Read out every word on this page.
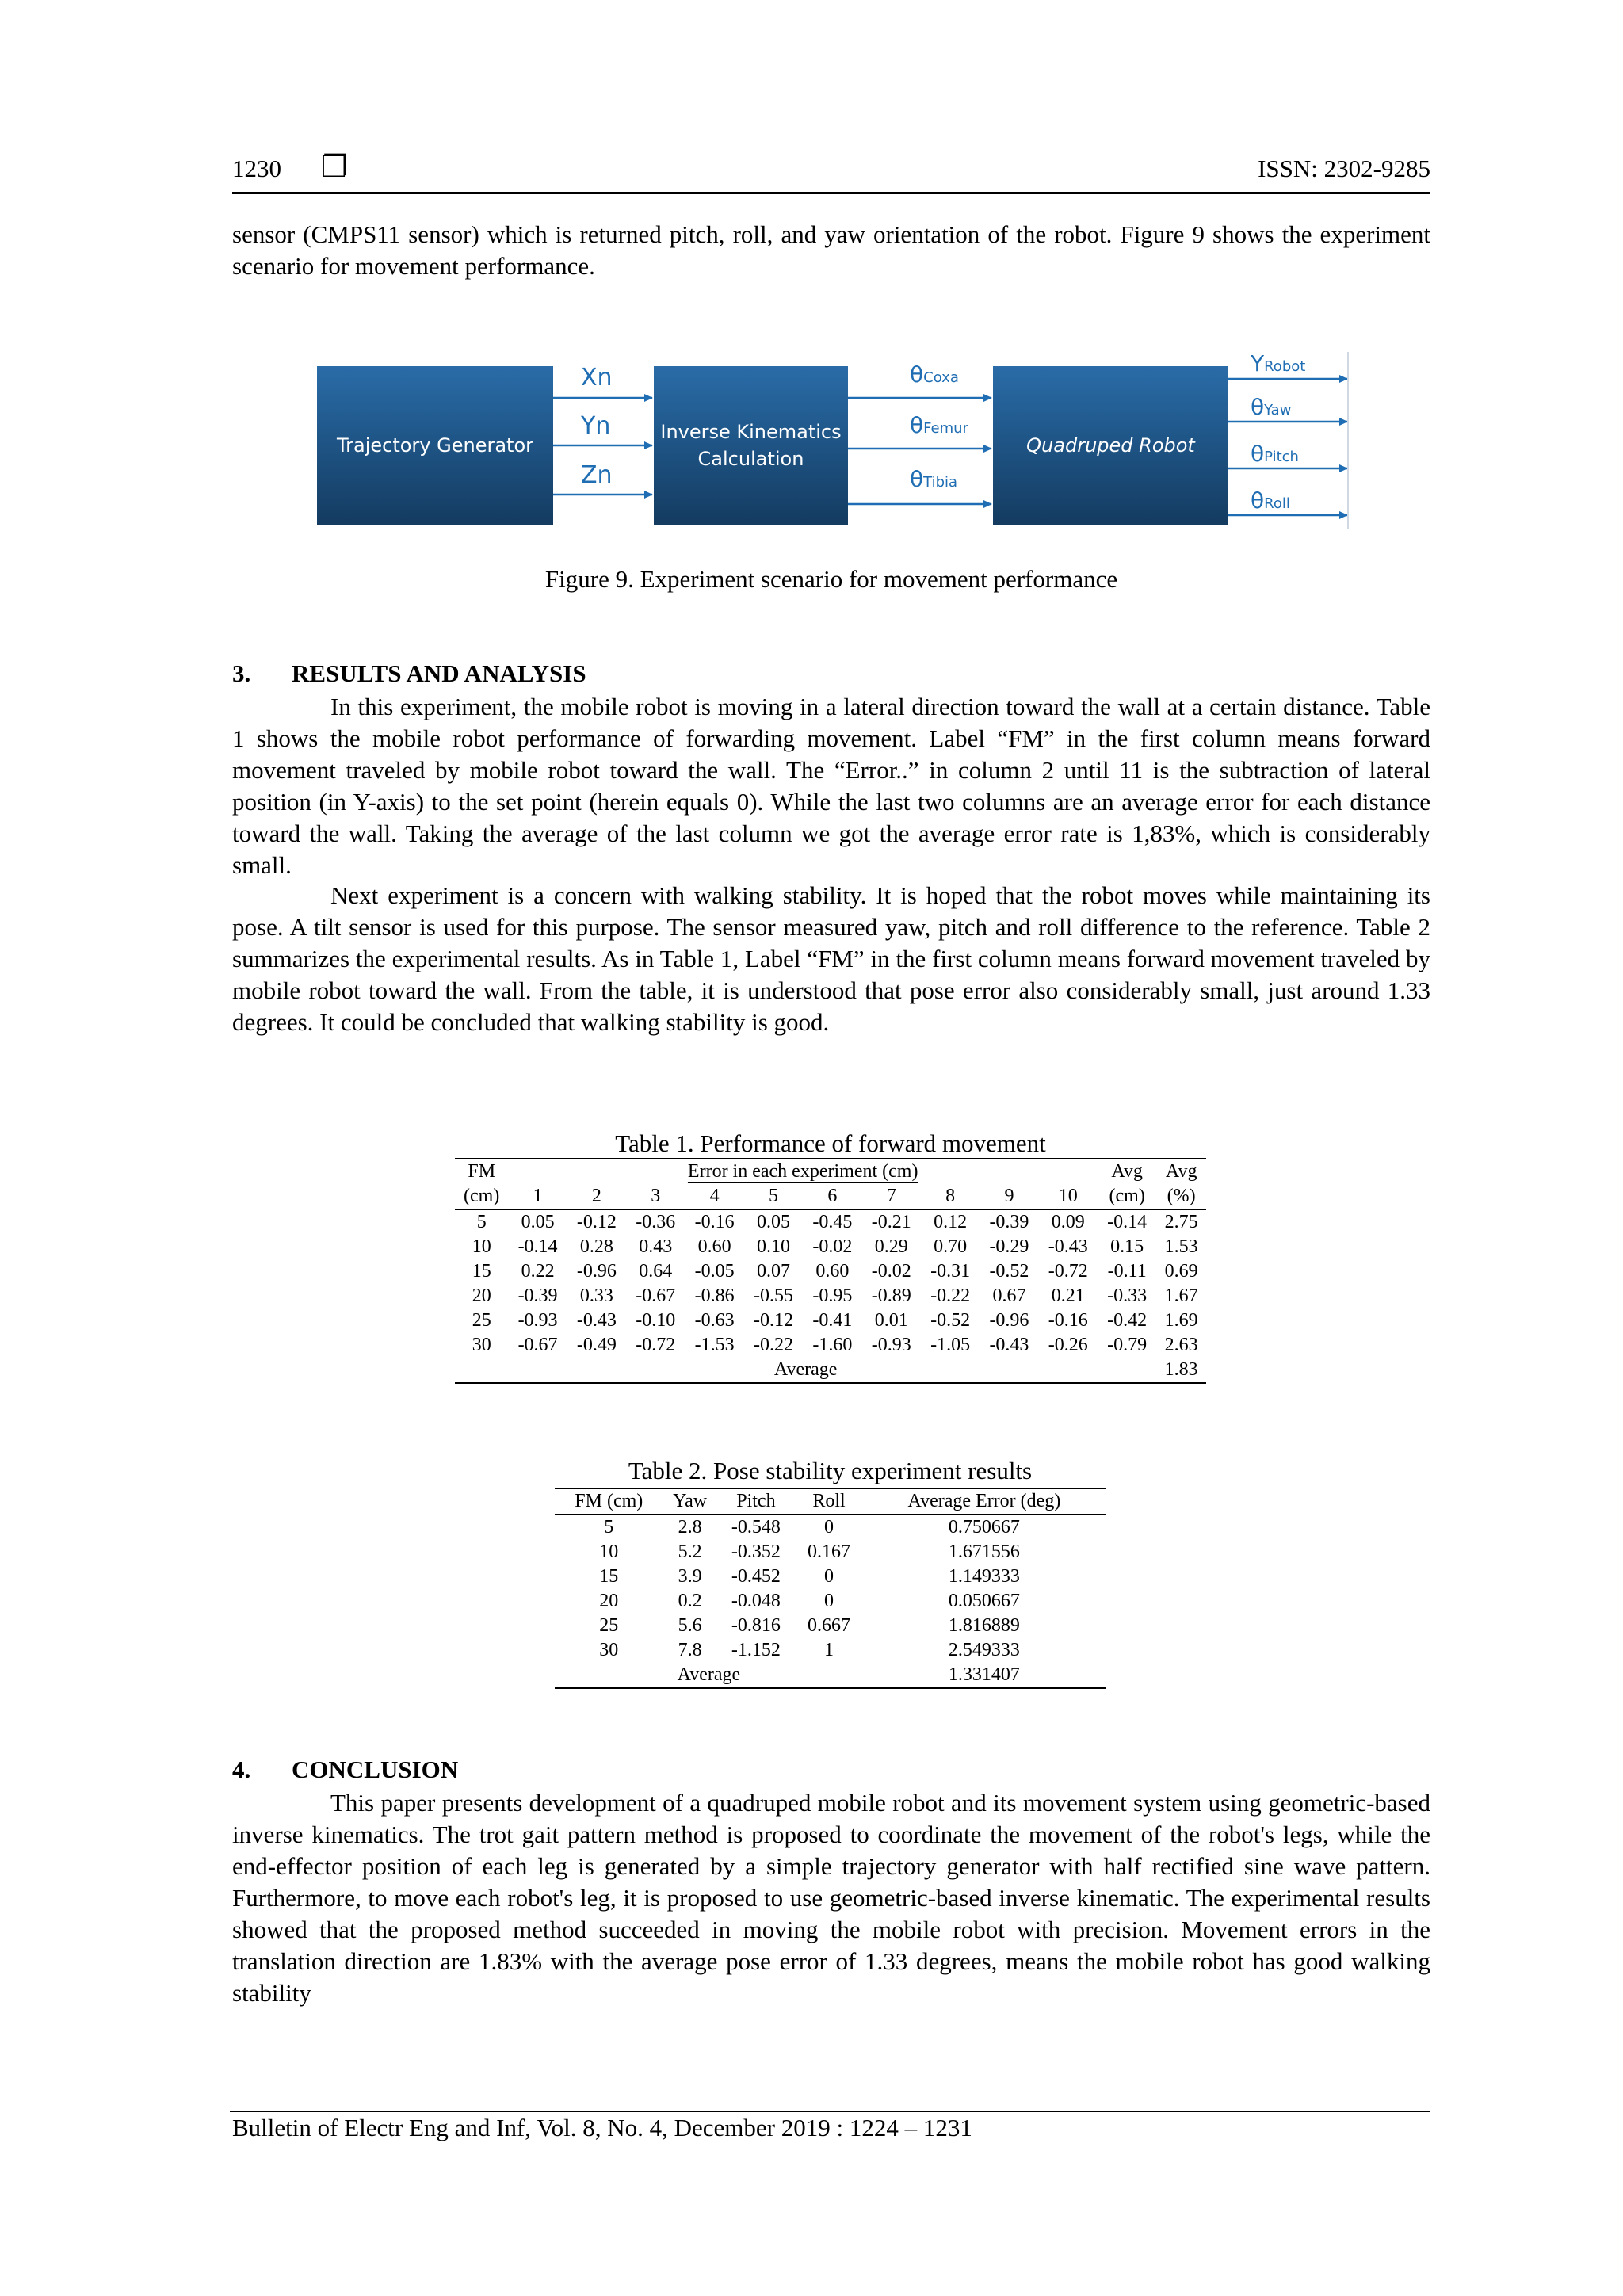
1230 ❐	ISSN: 2302-9285
sensor (CMPS11 sensor) which is returned pitch, roll, and yaw orientation of the robot. Figure 9 shows the experiment scenario for movement performance.
Trajectory Generator
Inverse Kinematics
Calculation
Quadruped Robot
Xn
Yn
Zn
θCoxa
θFemur
θTibia
YRobot
θYaw
θPitch
θRoll
Figure 9. Experiment scenario for movement performance
3. RESULTS AND ANALYSIS
In this experiment, the mobile robot is moving in a lateral direction toward the wall at a certain distance. Table 1 shows the mobile robot performance of forwarding movement. Label “FM” in the first column means forward movement traveled by mobile robot toward the wall. The “Error..” in column 2 until 11 is the subtraction of lateral position (in Y-axis) to the set point (herein equals 0). While the last two columns are an average error for each distance toward the wall. Taking the average of the last column we got the average error rate is 1,83%, which is considerably small.
Next experiment is a concern with walking stability. It is hoped that the robot moves while maintaining its pose. A tilt sensor is used for this purpose. The sensor measured yaw, pitch and roll difference to the reference. Table 2 summarizes the experimental results. As in Table 1, Label “FM” in the first column means forward movement traveled by mobile robot toward the wall. From the table, it is understood that pose error also considerably small, just around 1.33 degrees. It could be concluded that walking stability is good.
Table 1. Performance of forward movement
FM	Error in each experiment (cm)										Avg	Avg
(cm)	1	2	3	4	5	6	7	8	9	10	(cm)	(%)
5	0.05	-0.12	-0.36	-0.16	0.05	-0.45	-0.21	0.12	-0.39	0.09	-0.14	2.75
10	-0.14	0.28	0.43	0.60	0.10	-0.02	0.29	0.70	-0.29	-0.43	0.15	1.53
15	0.22	-0.96	0.64	-0.05	0.07	0.60	-0.02	-0.31	-0.52	-0.72	-0.11	0.69
20	-0.39	0.33	-0.67	-0.86	-0.55	-0.95	-0.89	-0.22	0.67	0.21	-0.33	1.67
25	-0.93	-0.43	-0.10	-0.63	-0.12	-0.41	0.01	-0.52	-0.96	-0.16	-0.42	1.69
30	-0.67	-0.49	-0.72	-1.53	-0.22	-1.60	-0.93	-1.05	-0.43	-0.26	-0.79	2.63
Average												1.83
Table 2. Pose stability experiment results
FM (cm)	Yaw	Pitch	Roll	Average Error (deg)
5	2.8	-0.548	0	0.750667
10	5.2	-0.352	0.167	1.671556
15	3.9	-0.452	0	1.149333
20	0.2	-0.048	0	0.050667
25	5.6	-0.816	0.667	1.816889
30	7.8	-1.152	1	2.549333
Average				1.331407
4. CONCLUSION
This paper presents development of a quadruped mobile robot and its movement system using geometric-based inverse kinematics. The trot gait pattern method is proposed to coordinate the movement of the robot's legs, while the end-effector position of each leg is generated by a simple trajectory generator with half rectified sine wave pattern. Furthermore, to move each robot's leg, it is proposed to use geometric-based inverse kinematic. The experimental results showed that the proposed method succeeded in moving the mobile robot with precision. Movement errors in the translation direction are 1.83% with the average pose error of 1.33 degrees, means the mobile robot has good walking stability
Bulletin of Electr Eng and Inf, Vol. 8, No. 4, December 2019 : 1224 – 1231
